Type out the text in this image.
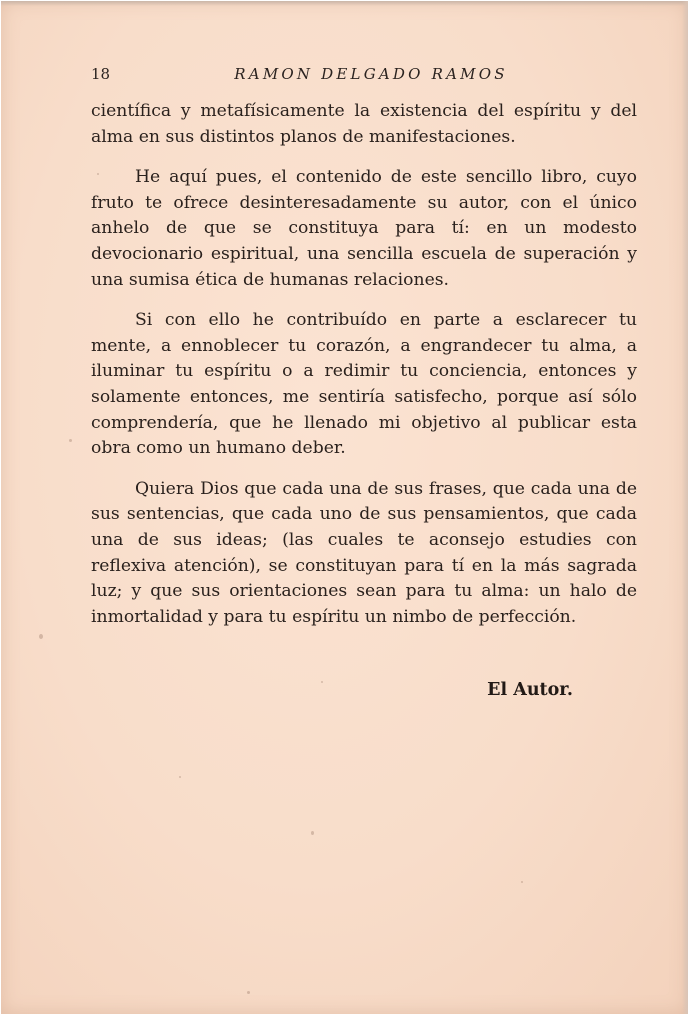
18	RAMON DELGADO RAMOS

científica y metafísicamente la existencia del espíritu y del alma en sus distintos planos de manifestaciones.

He aquí pues, el contenido de este sencillo libro, cuyo fruto te ofrece desinteresadamente su autor, con el único anhelo de que se constituya para tí: en un modesto devocionario espiritual, una sencilla escuela de superación y una sumisa ética de humanas relaciones.

Si con ello he contribuído en parte a esclarecer tu mente, a ennoblecer tu corazón, a engrandecer tu alma, a iluminar tu espíritu o a redimir tu conciencia, entonces y solamente entonces, me sentiría satisfecho, porque así sólo comprendería, que he llenado mi objetivo al publicar esta obra como un humano deber.

Quiera Dios que cada una de sus frases, que cada una de sus sentencias, que cada uno de sus pensamientos, que cada una de sus ideas; (las cuales te aconsejo estudies con reflexiva atención), se constituyan para tí en la más sagrada luz; y que sus orientaciones sean para tu alma: un halo de inmortalidad y para tu espíritu un nimbo de perfección.

El Autor.
